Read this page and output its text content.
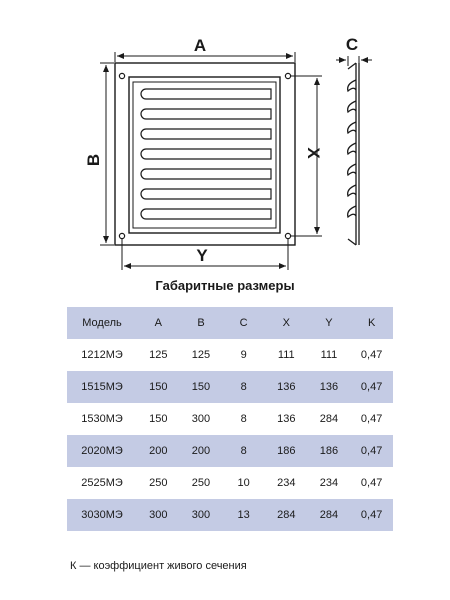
A
B
X
Y
C
Габаритные размеры
Модель	A	B	C	X	Y	K
1212МЭ	125	125	9	111	111	0,47
1515МЭ	150	150	8	136	136	0,47
1530МЭ	150	300	8	136	284	0,47
2020МЭ	200	200	8	186	186	0,47
2525МЭ	250	250	10	234	234	0,47
3030МЭ	300	300	13	284	284	0,47
К — коэффициент живого сечения
